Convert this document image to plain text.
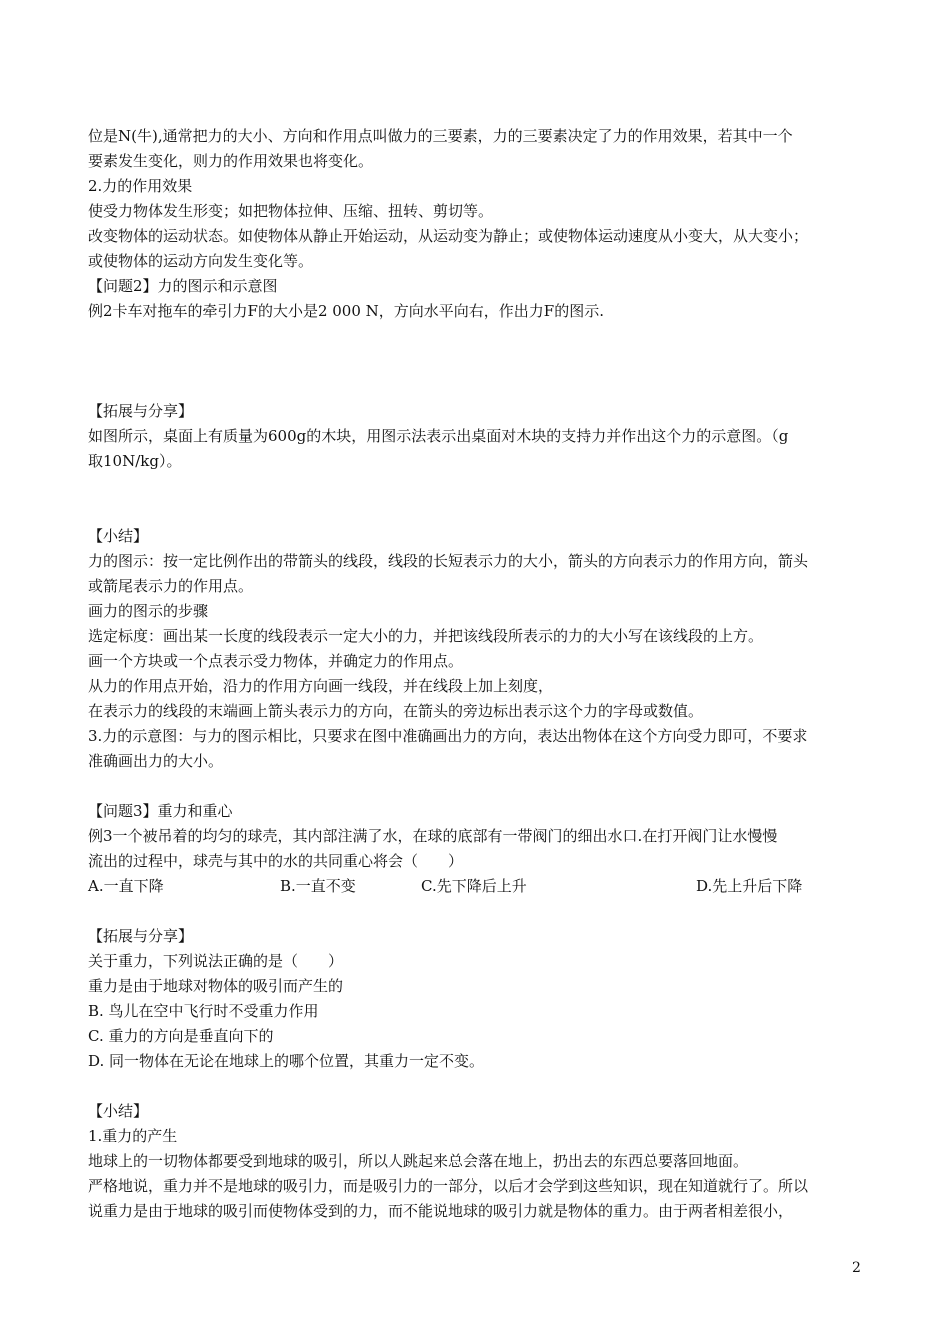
位是N(牛),通常把力的大小、方向和作用点叫做力的三要素，力的三要素决定了力的作用效果，若其中一个
要素发生变化，则力的作用效果也将变化。
2.力的作用效果
使受力物体发生形变；如把物体拉伸、压缩、扭转、剪切等。
改变物体的运动状态。如使物体从静止开始运动，从运动变为静止；或使物体运动速度从小变大，从大变小；
或使物体的运动方向发生变化等。
【问题2】力的图示和示意图
例2卡车对拖车的牵引力F的大小是2 000 N，方向水平向右，作出力F的图示.
【拓展与分享】
如图所示，桌面上有质量为600g的木块，用图示法表示出桌面对木块的支持力并作出这个力的示意图。（g
取10N/kg）。
【小结】
力的图示：按一定比例作出的带箭头的线段，线段的长短表示力的大小，箭头的方向表示力的作用方向，箭头
或箭尾表示力的作用点。
画力的图示的步骤
选定标度：画出某一长度的线段表示一定大小的力，并把该线段所表示的力的大小写在该线段的上方。
画一个方块或一个点表示受力物体，并确定力的作用点。
从力的作用点开始，沿力的作用方向画一线段，并在线段上加上刻度，
在表示力的线段的末端画上箭头表示力的方向，在箭头的旁边标出表示这个力的字母或数值。
3.力的示意图：与力的图示相比，只要求在图中准确画出力的方向，表达出物体在这个方向受力即可，不要求
准确画出力的大小。
【问题3】重力和重心
例3一个被吊着的均匀的球壳，其内部注满了水，在球的底部有一带阀门的细出水口.在打开阀门让水慢慢
流出的过程中，球壳与其中的水的共同重心将会（　　）
A.一直下降	B.一直不变	C.先下降后上升	D.先上升后下降
【拓展与分享】
关于重力，下列说法正确的是（　　）
重力是由于地球对物体的吸引而产生的
B. 鸟儿在空中飞行时不受重力作用
C. 重力的方向是垂直向下的
D. 同一物体在无论在地球上的哪个位置，其重力一定不变。
【小结】
1.重力的产生
地球上的一切物体都要受到地球的吸引，所以人跳起来总会落在地上，扔出去的东西总要落回地面。
严格地说，重力并不是地球的吸引力，而是吸引力的一部分，以后才会学到这些知识，现在知道就行了。所以
说重力是由于地球的吸引而使物体受到的力，而不能说地球的吸引力就是物体的重力。由于两者相差很小，
2
